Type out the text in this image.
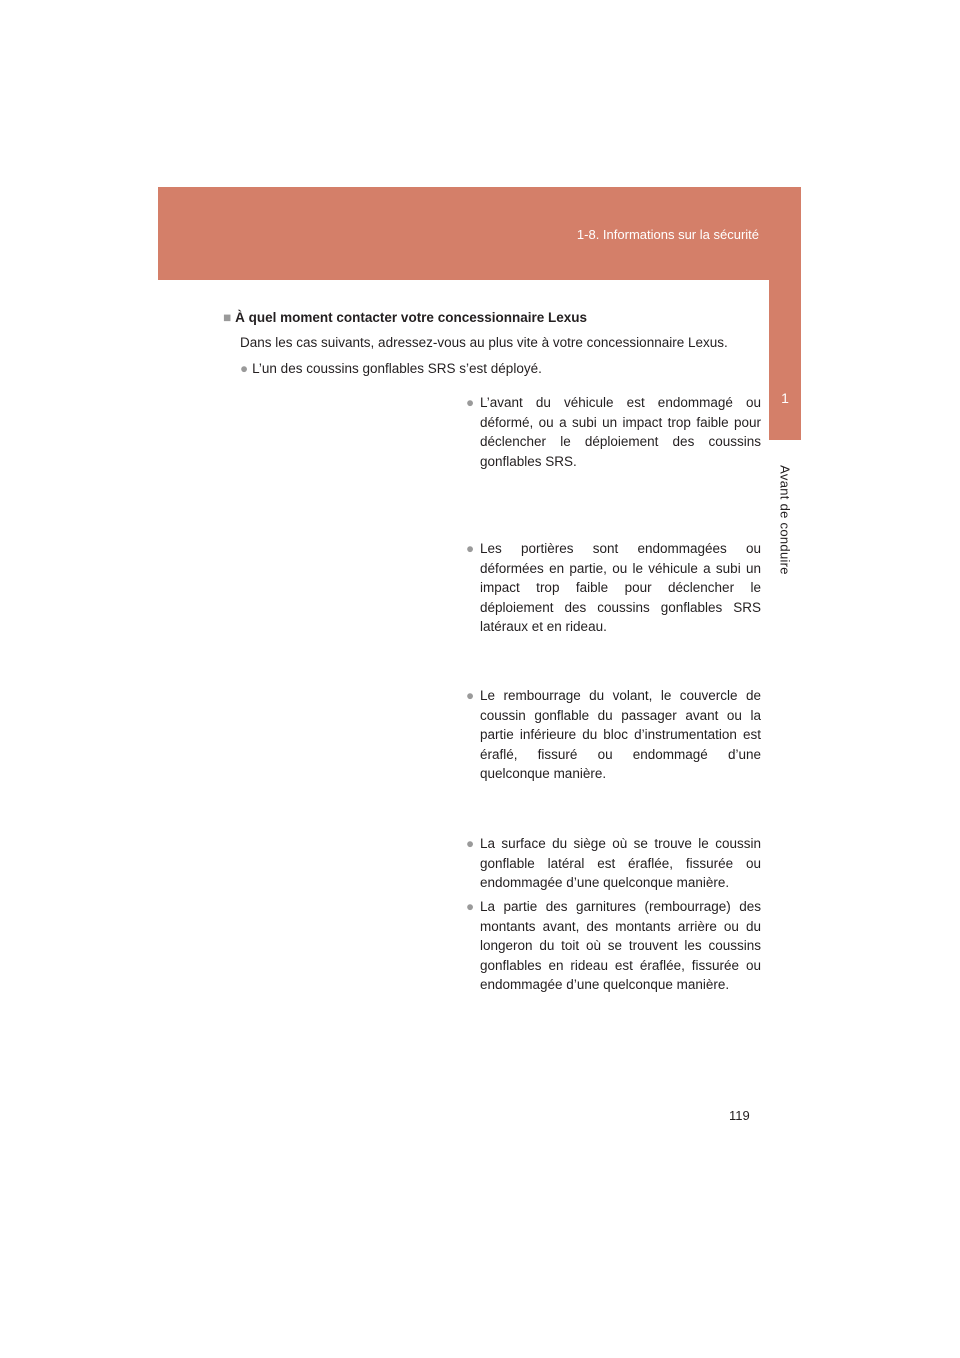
1-8. Informations sur la sécurité
1
Avant de conduire
■ À quel moment contacter votre concessionnaire Lexus
Dans les cas suivants, adressez-vous au plus vite à votre concessionnaire Lexus.
● L’un des coussins gonflables SRS s’est déployé.
● L’avant du véhicule est endommagé ou déformé, ou a subi un impact trop faible pour déclencher le déploiement des coussins gonflables SRS.
● Les portières sont endommagées ou déformées en partie, ou le véhicule a subi un impact trop faible pour déclencher le déploiement des coussins gonflables SRS latéraux et en rideau.
● Le rembourrage du volant, le couvercle de coussin gonflable du passager avant ou la partie inférieure du bloc d’instrumentation est éraflé, fissuré ou endommagé d’une quelconque manière.
● La surface du siège où se trouve le coussin gonflable latéral est éraflée, fissurée ou endommagée d’une quelconque manière.
● La partie des garnitures (rembourrage) des montants avant, des montants arrière ou du longeron du toit où se trouvent les coussins gonflables en rideau est éraflée, fissurée ou endommagée d’une quelconque manière.
119
